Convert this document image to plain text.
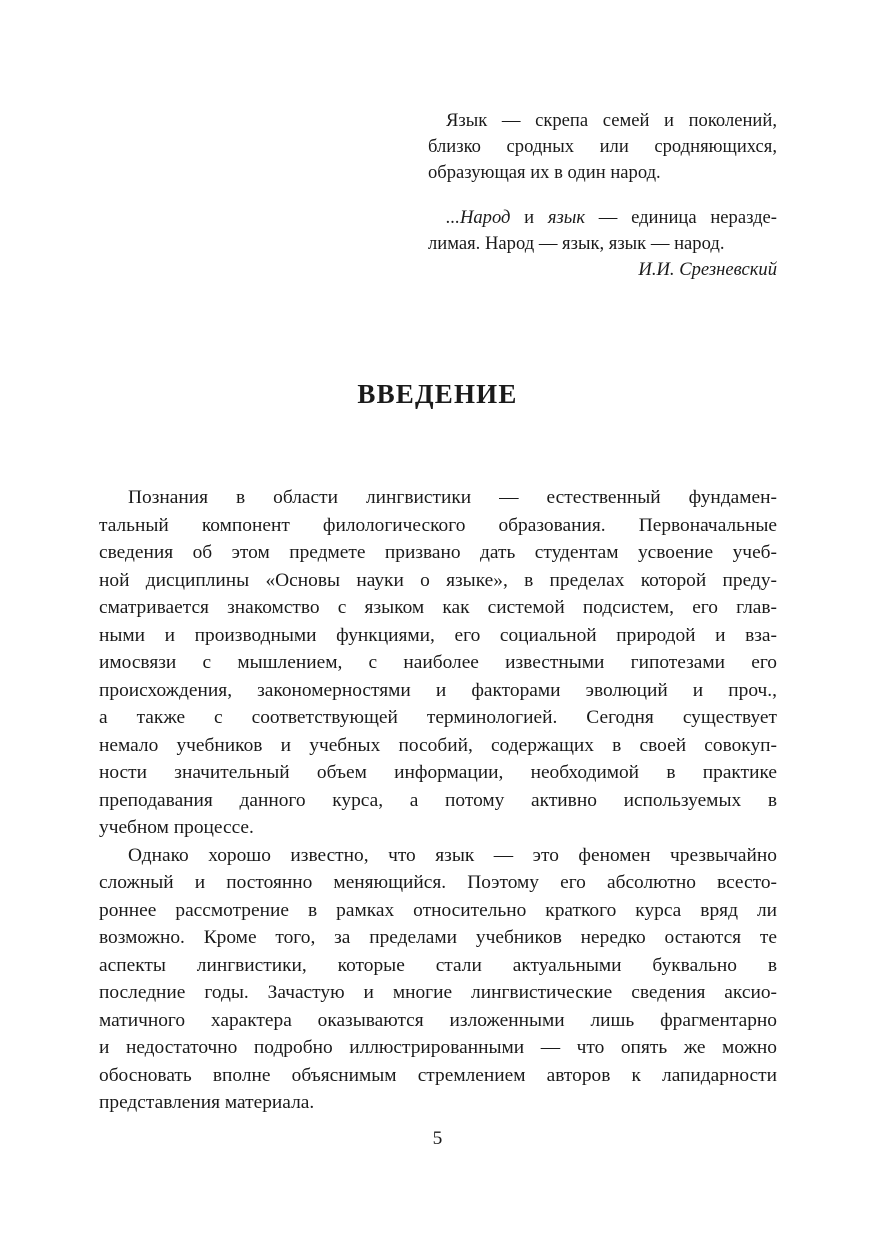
Язык — скрепа семей и поколений,
близко сродных или сродняющихся,
образующая их в один народ.
...Народ и язык — единица нераздe-
лимая. Народ — язык, язык — народ.
И.И. Срезневский
ВВЕДЕНИЕ
Познания в области лингвистики — естественный фундамен-
тальный компонент филологического образования. Первоначальные
сведения об этом предмете призвано дать студентам усвоение учеб-
ной дисциплины «Основы науки о языке», в пределах которой преду-
сматривается знакомство с языком как системой подсистем, его глав-
ными и производными функциями, его социальной природой и вза-
имосвязи с мышлением, с наиболее известными гипотезами его
происхождения, закономерностями и факторами эволюций и проч.,
а также с соответствующей терминологией. Сегодня существует
немало учебников и учебных пособий, содержащих в своей совокуп-
ности значительный объем информации, необходимой в практике
преподавания данного курса, а потому активно используемых в
учебном процессе.
Однако хорошо известно, что язык — это феномен чрезвычайно
сложный и постоянно меняющийся. Поэтому его абсолютно всесто-
роннее рассмотрение в рамках относительно краткого курса вряд ли
возможно. Кроме того, за пределами учебников нередко остаются те
аспекты лингвистики, которые стали актуальными буквально в
последние годы. Зачастую и многие лингвистические сведения аксио-
матичного характера оказываются изложенными лишь фрагментарно
и недостаточно подробно иллюстрированными — что опять же можно
обосновать вполне объяснимым стремлением авторов к лапидарности
представления материала.
5
